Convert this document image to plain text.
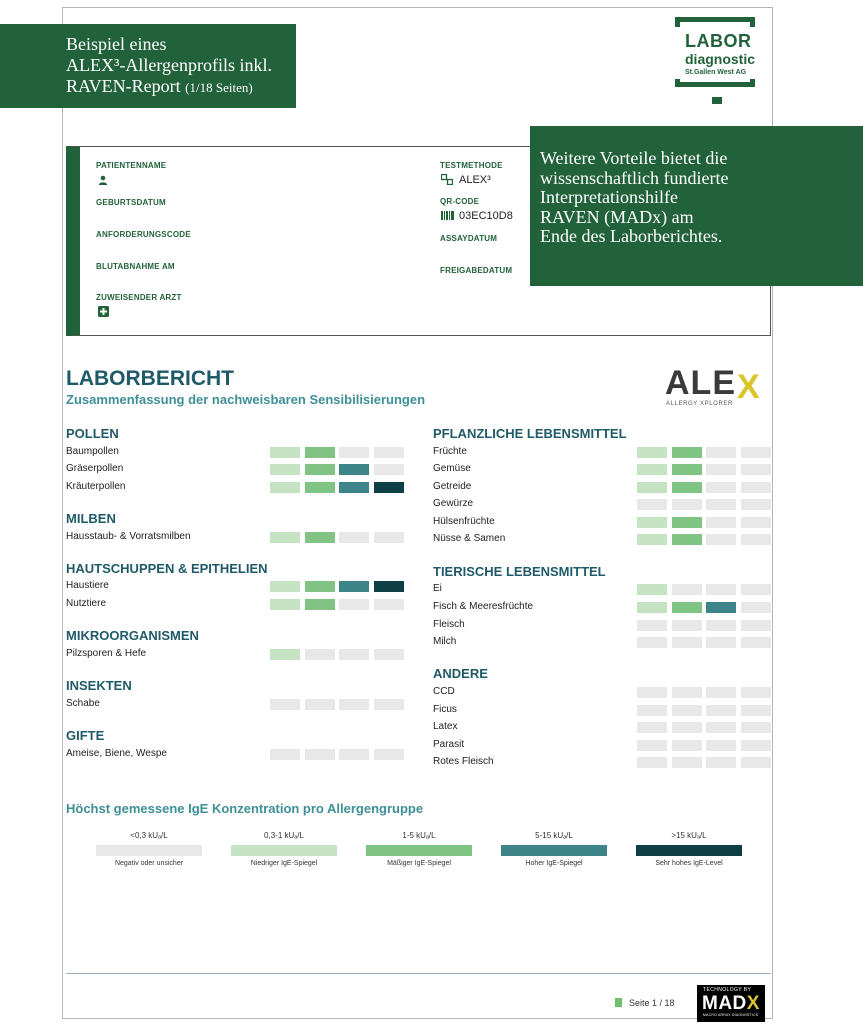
Beispiel eines
ALEX³-Allergenprofils inkl.
RAVEN-Report (1/18 Seiten)
LABOR
diagnostic
St.Gallen West AG
PATIENTENNAME
GEBURTSDATUM
ANFORDERUNGSCODE
BLUTABNAHME AM
ZUWEISENDER ARZT
TESTMETHODE
ALEX³
QR-CODE
03EC10D8
ASSAYDATUM
FREIGABEDATUM
Weitere Vorteile bietet die
wissenschaftlich fundierte
Interpretationshilfe
RAVEN (MADx) am
Ende des Laborberichtes.
LABORBERICHT
Zusammenfassung der nachweisbaren Sensibilisierungen	ALE X
ALLERGY XPLORER
POLLEN
Baumpollen
Gräserpollen
Kräuterpollen
MILBEN
Hausstaub- & Vorratsmilben
HAUTSCHUPPEN & EPITHELIEN
Haustiere
Nutztiere
MIKROORGANISMEN
Pilzsporen & Hefe
INSEKTEN
Schabe
GIFTE
Ameise, Biene, Wespe
PFLANZLICHE LEBENSMITTEL
Früchte
Gemüse
Getreide
Gewürze
Hülsenfrüchte
Nüsse & Samen
TIERISCHE LEBENSMITTEL
Ei
Fisch & Meeresfrüchte
Fleisch
Milch
ANDERE
CCD
Ficus
Latex
Parasit
Rotes Fleisch
Höchst gemessene IgE Konzentration pro Allergengruppe
<0,3 kUₐ/L
Negativ oder unsicher
0,3-1 kUₐ/L
Niedriger IgE-Spiegel
1-5 kUₐ/L
Mäßiger IgE-Spiegel
5-15 kUₐ/L
Hoher IgE-Spiegel
>15 kUₐ/L
Sehr hohes IgE-Level
Seite 1 / 18
TECHNOLOGY BY
MADX
MACRO ARRAY DIAGNOSTICS
